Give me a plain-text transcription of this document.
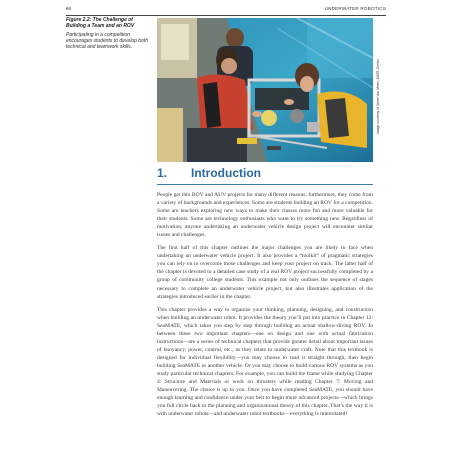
66	UNDERWATER ROBOTICS

Figure 2.2: The Challenge of Building a Team and an ROV

Participating in a competition encourages students to develop both technical and teamwork skills.

Image courtesy of Steve Van Meter, MATE Center
1. Introduction

People get into ROV and AUV projects for many different reasons; furthermore, they come from a variety of backgrounds and experiences. Some are students building an ROV for a competition. Some are teachers exploring new ways to make their classes more fun and more valuable for their students. Some are technology enthusiasts who want to try something new. Regardless of motivation, anyone undertaking an underwater vehicle design project will encounter similar issues and challenges.

The first half of this chapter outlines the major challenges you are likely to face when undertaking an underwater vehicle project. It also provides a “toolkit” of pragmatic strategies you can rely on to overcome those challenges and keep your project on track. The latter half of the chapter is devoted to a detailed case study of a real ROV project successfully completed by a group of community college students. This example not only outlines the sequence of stages necessary to complete an underwater vehicle project, but also illustrates application of the strategies introduced earlier in the chapter.

This chapter provides a way to organize your thinking, planning, designing, and construction when building an underwater robot. It provides the theory you’ll put into practice in Chapter 12: SeaMATE, which takes you step by step through building an actual shallow-diving ROV. In between these two important chapters—one on design and one with actual fabrication instructions—are a series of technical chapters that provide greater detail about important issues of buoyancy, power, control, etc., as they relate to underwater craft. Note that this textbook is designed for individual flexibility—you may choose to read it straight through, then begin building SeaMATE or another vehicle. Or you may choose to build various ROV systems as you study particular technical chapters. For example, you can build the frame while studying Chapter 4: Structure and Materials or work on thrusters while reading Chapter 7: Moving and Maneuvering. The choice is up to you. Once you have completed SeaMATE, you should have enough learning and confidence under your belt to begin more advanced projects—which brings you full circle back to the planning and organizational theory of this chapter. That’s the way it is with underwater robots—and underwater robot textbooks—everything is interrelated!
